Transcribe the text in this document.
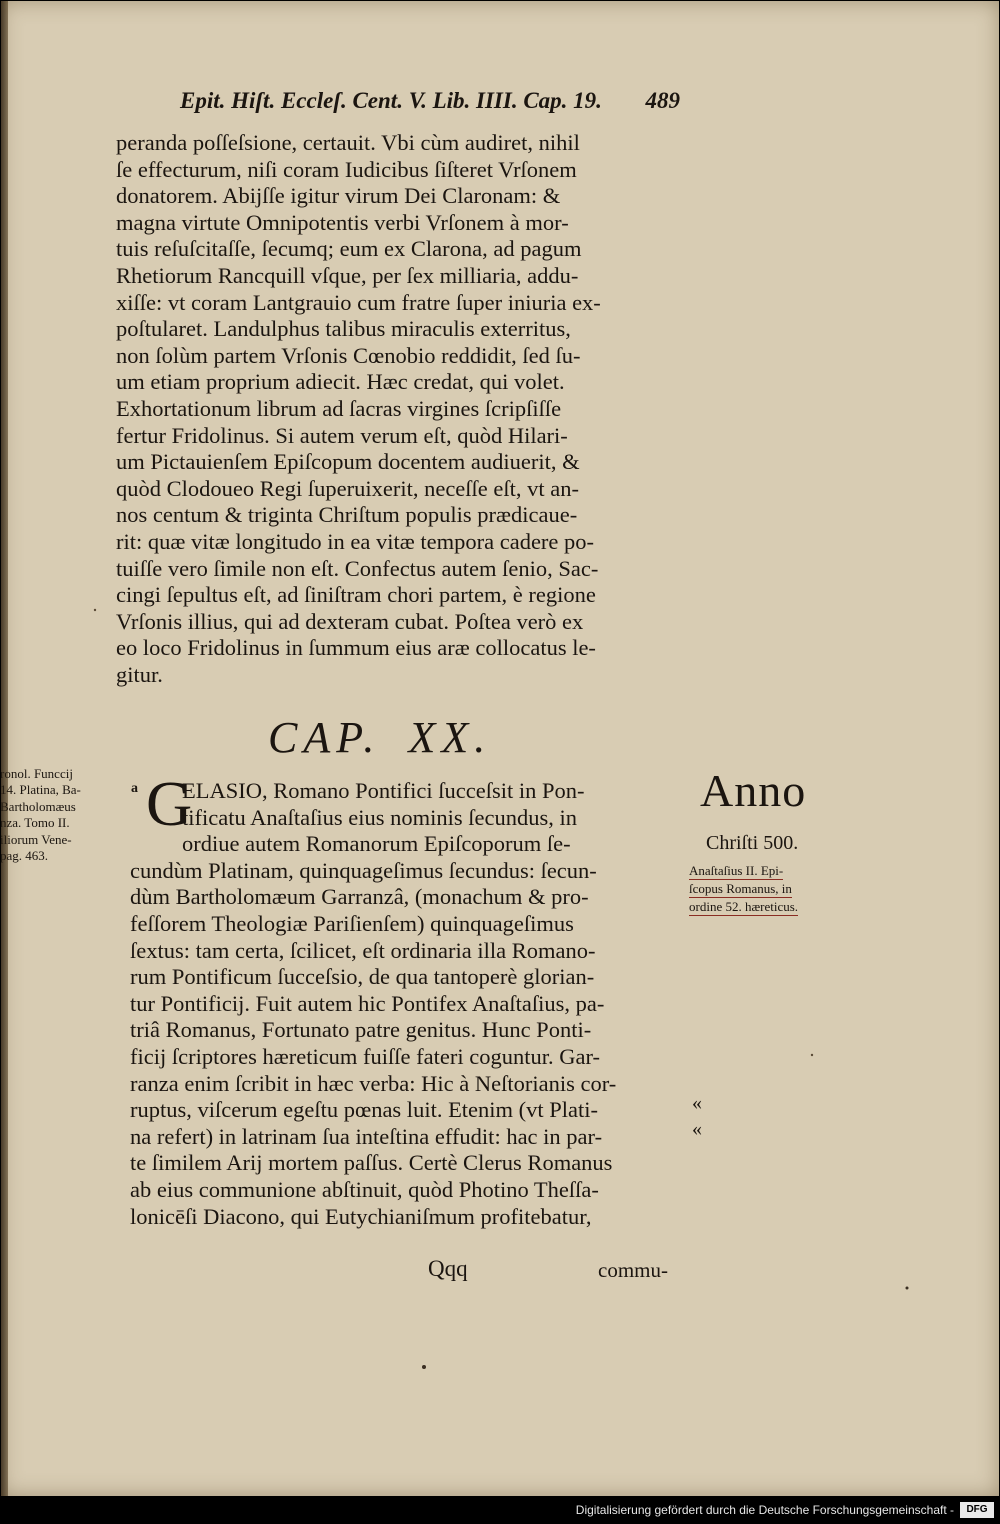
Epit. Hiſt. Eccleſ. Cent. V. Lib. IIII. Cap. 19. 489
peranda poſſeſsione, certauit. Vbi cùm audiret, nihil
ſe effecturum, niſi coram Iudicibus ſiſteret Vrſonem
donatorem. Abijſſe igitur virum Dei Claronam: &
magna virtute Omnipotentis verbi Vrſonem à mor-
tuis reſuſcitaſſe, ſecumq; eum ex Clarona, ad pagum
Rhetiorum Rancquill vſque, per ſex milliaria, addu-
xiſſe: vt coram Lantgrauio cum fratre ſuper iniuria ex-
poſtularet. Landulphus talibus miraculis exterritus,
non ſolùm partem Vrſonis Cœnobio reddidit, ſed ſu-
um etiam proprium adiecit. Hæc credat, qui volet.
Exhortationum librum ad ſacras virgines ſcripſiſſe
fertur Fridolinus. Si autem verum eſt, quòd Hilari-
um Pictauienſem Epiſcopum docentem audiuerit, &
quòd Clodoueo Regi ſuperuixerit, neceſſe eſt, vt an-
nos centum & triginta Chriſtum populis prædicaue-
rit: quæ vitæ longitudo in ea vitæ tempora cadere po-
tuiſſe vero ſimile non eſt. Confectus autem ſenio, Sac-
cingi ſepultus eſt, ad ſiniſtram chori partem, è regione
Vrſonis illius, qui ad dexteram cubat. Poſtea verò ex
eo loco Fridolinus in ſummum eius aræ collocatus le-
gitur.
CAP. XX.
ronol. Funccij
14. Platina, Ba-
Bartholomæus
nza. Tomo II.
iliorum Vene-
pag. 463.
a G
ELASIO, Romano Pontifici ſucceſsit in Pon-
tificatu Anaſtaſius eius nominis ſecundus, in
ordiue autem Romanorum Epiſcoporum ſe-
cundùm Platinam, quinquageſimus ſecundus: ſecun-
dùm Bartholomæum Garranzâ, (monachum & pro-
feſſorem Theologiæ Pariſienſem) quinquageſimus
ſextus: tam certa, ſcilicet, eſt ordinaria illa Romano-
rum Pontificum ſucceſsio, de qua tantoperè glorian-
tur Pontificij. Fuit autem hic Pontifex Anaſtaſius, pa-
triâ Romanus, Fortunato patre genitus. Hunc Ponti-
ficij ſcriptores hæreticum fuiſſe fateri coguntur. Gar-
ranza enim ſcribit in hæc verba: Hic à Neſtorianis cor-
ruptus, viſcerum egeſtu pœnas luit. Etenim (vt Plati-
na refert) in latrinam ſua inteſtina effudit: hac in par-
te ſimilem Arij mortem paſſus. Certè Clerus Romanus
ab eius communione abſtinuit, quòd Photino Theſſa-
lonicēſi Diacono, qui Eutychianiſmum profitebatur,
Anno
Chriſti 500.
Anaſtaſius II. Epi-
ſcopus Romanus, in
ordine 52. hæreticus.
«
«
Qqq	commu-
Digitalisierung gefördert durch die Deutsche Forschungsgemeinschaft -	DFG
